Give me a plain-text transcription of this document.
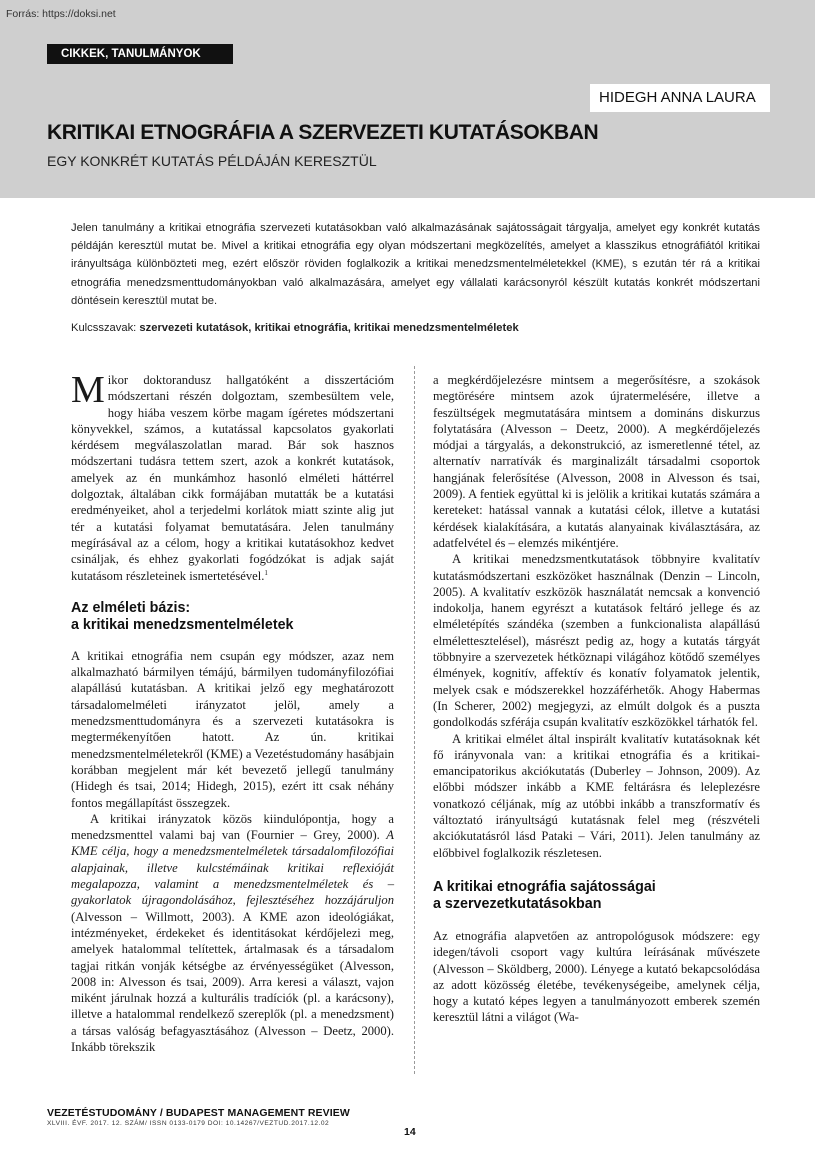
Forrás: https://doksi.net
CIKKEK, TANULMÁNYOK
HIDEGH ANNA LAURA
KRITIKAI ETNOGRÁFIA A SZERVEZETI KUTATÁSOKBAN
EGY KONKRÉT KUTATÁS PÉLDÁJÁN KERESZTÜL
Jelen tanulmány a kritikai etnográfia szervezeti kutatásokban való alkalmazásának sajátosságait tárgyalja, amelyet egy konkrét kutatás példáján keresztül mutat be. Mivel a kritikai etnográfia egy olyan módszertani megközelítés, amelyet a klasszikus etnográfiától kritikai irányultsága különbözteti meg, ezért először röviden foglalkozik a kritikai menedzsmentelméletekkel (KME), s ezután tér rá a kritikai etnográfia menedzsmenttudományokban való alkalmazására, amelyet egy vállalati karácsonyról készült kutatás konkrét módszertani döntésein keresztül mutat be.
Kulcsszavak: szervezeti kutatások, kritikai etnográfia, kritikai menedzsmentelméletek

Mikor doktorandusz hallgatóként a disszertációm módszertani részén dolgoztam, szembesültem vele, hogy hiába veszem körbe magam ígéretes módszertani könyvekkel, számos, a kutatással kapcsolatos gyakorlati kérdésem megválaszolatlan marad. Bár sok hasznos módszertani tudásra tettem szert, azok a konkrét kutatások, amelyek az én munkámhoz hasonló elméleti háttérrel dolgoztak, általában cikk formájában mutatták be a kutatási eredményeiket, ahol a terjedelmi korlátok miatt szinte alig jut tér a kutatási folyamat bemutatására. Jelen tanulmány megírásával az a célom, hogy a kritikai kutatásokhoz kedvet csináljak, és ehhez gyakorlati fogódzókat is adjak saját kutatásom részleteinek ismertetésével.$^1$

Az elméleti bázis:
a kritikai menedzsmentelméletek

A kritikai etnográfia nem csupán egy módszer, azaz nem alkalmazható bármilyen témájú, bármilyen tudományfilozófiai alapállású kutatásban. A kritikai jelző egy meghatározott társadalomelméleti irányzatot jelöl, amely a menedzsmenttudományra és a szervezeti kutatásokra is megtermékenyítően hatott. Az ún. kritikai menedzsmentelméletekről (KME) a Vezetéstudomány hasábjain korábban megjelent már két bevezető jellegű tanulmány (Hidegh és tsai, 2014; Hidegh, 2015), ezért itt csak néhány fontos megállapítást összegzek.

A kritikai irányzatok közös kiindulópontja, hogy a menedzsmenttel valami baj van (Fournier – Grey, 2000). A KME célja, hogy a menedzsmentelméletek társadalomfilozófiai alapjainak, illetve kulcstémáinak kritikai reflexióját megalapozza, valamint a menedzsmentelméletek és –gyakorlatok újragondolásához, fejlesztéséhez hozzájáruljon (Alvesson – Willmott, 2003). A KME azon ideológiákat, intézményeket, érdekeket és identitásokat kérdőjelezi meg, amelyek hatalommal telítettek, ártalmasak és a társadalom tagjai ritkán vonják kétségbe az érvényességüket (Alvesson, 2008 in: Alvesson és tsai, 2009). Arra keresi a választ, vajon miként járulnak hozzá a kulturális tradíciók (pl. a karácsony), illetve a hatalommal rendelkező szereplők (pl. a menedzsment) a társas valóság befagyasztásához (Alvesson – Deetz, 2000). Inkább törekszik

a megkérdőjelezésre mintsem a megerősítésre, a szokások megtörésére mintsem azok újratermelésére, illetve a feszültségek megmutatására mintsem a domináns diskurzus folytatására (Alvesson – Deetz, 2000). A megkérdőjelezés módjai a tárgyalás, a dekonstrukció, az ismeretlenné tétel, az alternatív narratívák és marginalizált társadalmi csoportok hangjának felerősítése (Alvesson, 2008 in Alvesson és tsai, 2009). A fentiek együttal ki is jelölik a kritikai kutatás számára a kereteket: hatással vannak a kutatási célok, illetve a kutatási kérdések kialakítására, a kutatás alanyainak kiválasztására, az adatfelvétel és – elemzés mikéntjére.

A kritikai menedzsmentkutatások többnyire kvalitatív kutatásmódszertani eszközöket használnak (Denzin – Lincoln, 2005). A kvalitatív eszközök használatát nemcsak a konvenció indokolja, hanem egyrészt a kutatások feltáró jellege és az elméletépítés szándéka (szemben a funkcionalista alapállású elmélettesztelésel), másrészt pedig az, hogy a kutatás tárgyát többnyire a szervezetek hétköznapi világához kötődő személyes élmények, kognitív, affektív és konatív folyamatok jelentik, melyek csak e módszerekkel hozzáférhetők. Ahogy Habermas (In Scherer, 2002) megjegyzi, az elmúlt dolgok és a puszta gondolkodás szférája csupán kvalitatív eszközökkel tárhatók fel.

A kritikai elmélet által inspirált kvalitatív kutatásoknak két fő irányvonala van: a kritikai etnográfia és a kritikai-emancipatorikus akciókutatás (Duberley – Johnson, 2009). Az előbbi módszer inkább a KME feltárásra és leleplezésre vonatkozó céljának, míg az utóbbi inkább a transzformatív és változtató irányultságú kutatásnak felel meg (részvételi akciókutatásról lásd Pataki – Vári, 2011). Jelen tanulmány az előbbivel foglalkozik részletesen.

A kritikai etnográfia sajátosságai
a szervezetkutatásokban

Az etnográfia alapvetően az antropológusok módszere: egy idegen/távoli csoport vagy kultúra leírásának művészete (Alvesson – Sköldberg, 2000). Lényege a kutató bekapcsolódása az adott közösség életébe, tevékenységeibe, amelynek célja, hogy a kutató képes legyen a tanulmányozott emberek szemén keresztül látni a világot (Wa-

VEZETÉSTUDOMÁNY / BUDAPEST MANAGEMENT REVIEW
XLVIII. ÉVF. 2017. 12. SZÁM/ ISSN 0133-0179 DOI: 10.14267/VEZTUD.2017.12.02
14
